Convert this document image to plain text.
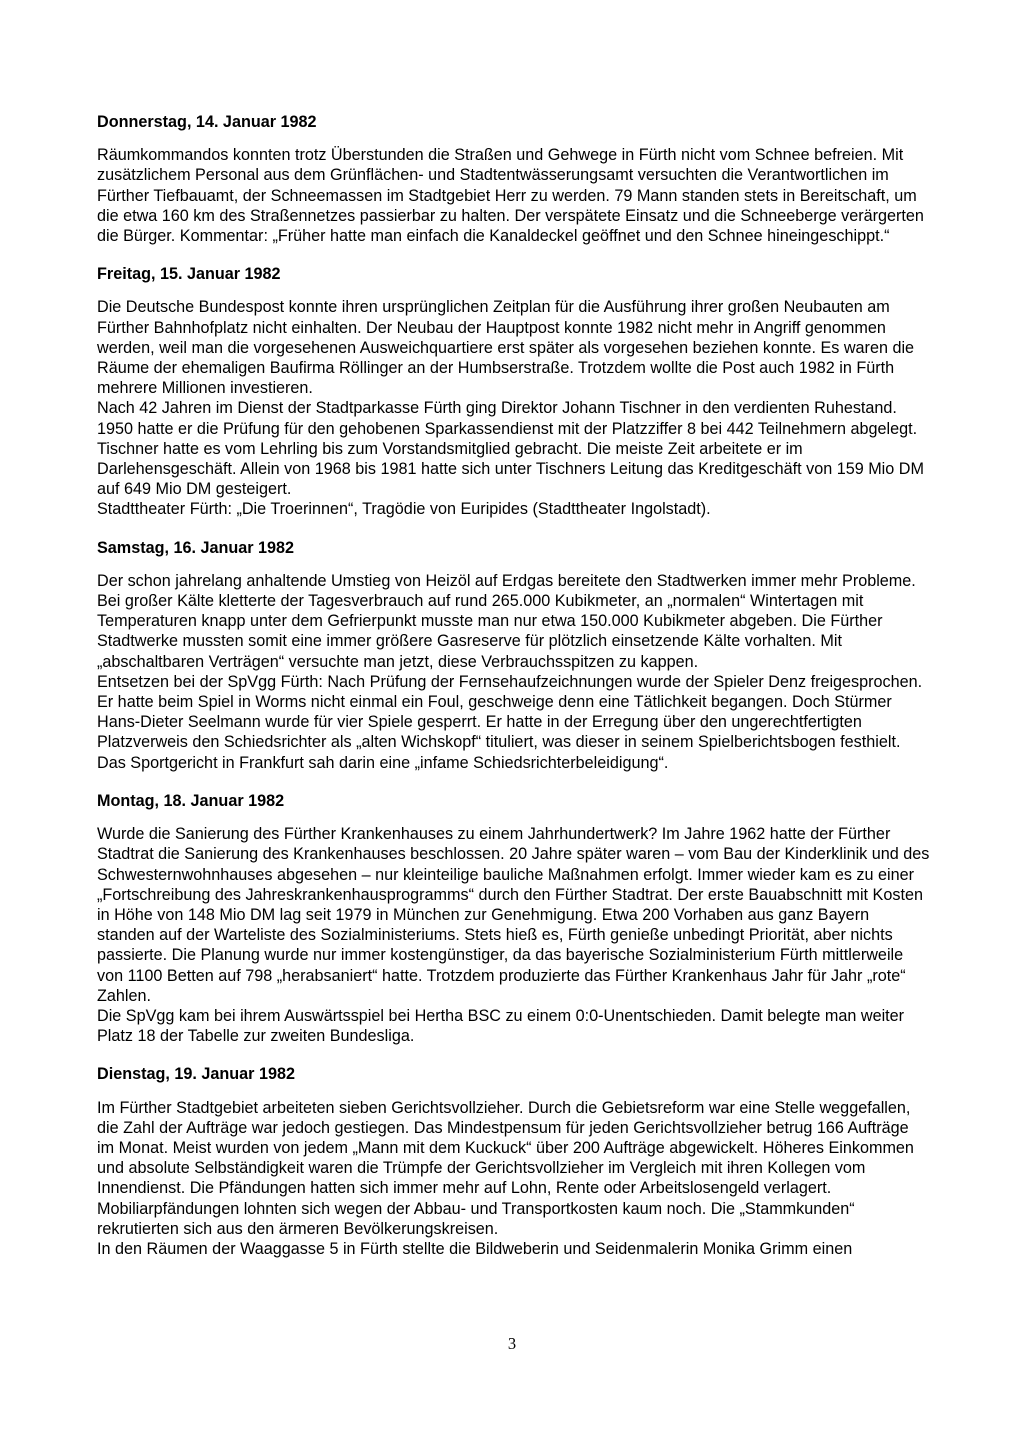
Donnerstag, 14. Januar 1982

Räumkommandos konnten trotz Überstunden die Straßen und Gehwege in Fürth nicht vom Schnee befreien. Mit zusätzlichem Personal aus dem Grünflächen- und Stadtentwässerungsamt versuchten die Verantwortlichen im Fürther Tiefbauamt, der Schneemassen im Stadtgebiet Herr zu werden. 79 Mann standen stets in Bereitschaft, um die etwa 160 km des Straßennetzes passierbar zu halten. Der verspätete Einsatz und die Schneeberge verärgerten die Bürger. Kommentar: „Früher hatte man einfach die Kanaldeckel geöffnet und den Schnee hineingeschippt.“

Freitag, 15. Januar 1982

Die Deutsche Bundespost konnte ihren ursprünglichen Zeitplan für die Ausführung ihrer großen Neubauten am Fürther Bahnhofplatz nicht einhalten. Der Neubau der Hauptpost konnte 1982 nicht mehr in Angriff genommen werden, weil man die vorgesehenen Ausweichquartiere erst später als vorgesehen beziehen konnte. Es waren die Räume der ehemaligen Baufirma Röllinger an der Humbserstraße. Trotzdem wollte die Post auch 1982 in Fürth mehrere Millionen investieren.

Nach 42 Jahren im Dienst der Stadtparkasse Fürth ging Direktor Johann Tischner in den verdienten Ruhestand. 1950 hatte er die Prüfung für den gehobenen Sparkassendienst mit der Platzziffer 8 bei 442 Teilnehmern abgelegt. Tischner hatte es vom Lehrling bis zum Vorstandsmitglied gebracht. Die meiste Zeit arbeitete er im Darlehensgeschäft. Allein von 1968 bis 1981 hatte sich unter Tischners Leitung das Kreditgeschäft von 159 Mio DM auf 649 Mio DM gesteigert.

Stadttheater Fürth: „Die Troerinnen“, Tragödie von Euripides (Stadttheater Ingolstadt).

Samstag, 16. Januar 1982

Der schon jahrelang anhaltende Umstieg von Heizöl auf Erdgas bereitete den Stadtwerken immer mehr Probleme. Bei großer Kälte kletterte der Tagesverbrauch auf rund 265.000 Kubikmeter, an „normalen“ Wintertagen mit Temperaturen knapp unter dem Gefrierpunkt musste man nur etwa 150.000 Kubikmeter abgeben. Die Fürther Stadtwerke mussten somit eine immer größere Gasreserve für plötzlich einsetzende Kälte vorhalten. Mit „abschaltbaren Verträgen“ versuchte man jetzt, diese Verbrauchsspitzen zu kappen.

Entsetzen bei der SpVgg Fürth: Nach Prüfung der Fernsehaufzeichnungen wurde der Spieler Denz freigesprochen. Er hatte beim Spiel in Worms nicht einmal ein Foul, geschweige denn eine Tätlichkeit begangen. Doch Stürmer Hans-Dieter Seelmann wurde für vier Spiele gesperrt. Er hatte in der Erregung über den ungerechtfertigten Platzverweis den Schiedsrichter als „alten Wichskopf“ tituliert, was dieser in seinem Spielberichtsbogen festhielt. Das Sportgericht in Frankfurt sah darin eine „infame Schiedsrichterbeleidigung“.

Montag, 18. Januar 1982

Wurde die Sanierung des Fürther Krankenhauses zu einem Jahrhundertwerk? Im Jahre 1962 hatte der Fürther Stadtrat die Sanierung des Krankenhauses beschlossen. 20 Jahre später waren – vom Bau der Kinderklinik und des Schwesternwohnhauses abgesehen – nur kleinteilige bauliche Maßnahmen erfolgt. Immer wieder kam es zu einer „Fortschreibung des Jahreskrankenhausprogramms“ durch den Fürther Stadtrat. Der erste Bauabschnitt mit Kosten in Höhe von 148 Mio DM lag seit 1979 in München zur Genehmigung. Etwa 200 Vorhaben aus ganz Bayern standen auf der Warteliste des Sozialministeriums. Stets hieß es, Fürth genieße unbedingt Priorität, aber nichts passierte. Die Planung wurde nur immer kostengünstiger, da das bayerische Sozialministerium Fürth mittlerweile von 1100 Betten auf 798 „herabsaniert“ hatte. Trotzdem produzierte das Fürther Krankenhaus Jahr für Jahr „rote“ Zahlen.

Die SpVgg kam bei ihrem Auswärtsspiel bei Hertha BSC zu einem 0:0-Unentschieden. Damit belegte man weiter Platz 18 der Tabelle zur zweiten Bundesliga.

Dienstag, 19. Januar 1982

Im Fürther Stadtgebiet arbeiteten sieben Gerichtsvollzieher. Durch die Gebietsreform war eine Stelle weggefallen, die Zahl der Aufträge war jedoch gestiegen. Das Mindestpensum für jeden Gerichtsvollzieher betrug 166 Aufträge im Monat. Meist wurden von jedem „Mann mit dem Kuckuck“ über 200 Aufträge abgewickelt. Höheres Einkommen und absolute Selbständigkeit waren die Trümpfe der Gerichtsvollzieher im Vergleich mit ihren Kollegen vom Innendienst. Die Pfändungen hatten sich immer mehr auf Lohn, Rente oder Arbeitslosengeld verlagert. Mobiliarpfändungen lohnten sich wegen der Abbau- und Transportkosten kaum noch. Die „Stammkunden“ rekrutierten sich aus den ärmeren Bevölkerungskreisen.

In den Räumen der Waaggasse 5 in Fürth stellte die Bildweberin und Seidenmalerin Monika Grimm einen

3
